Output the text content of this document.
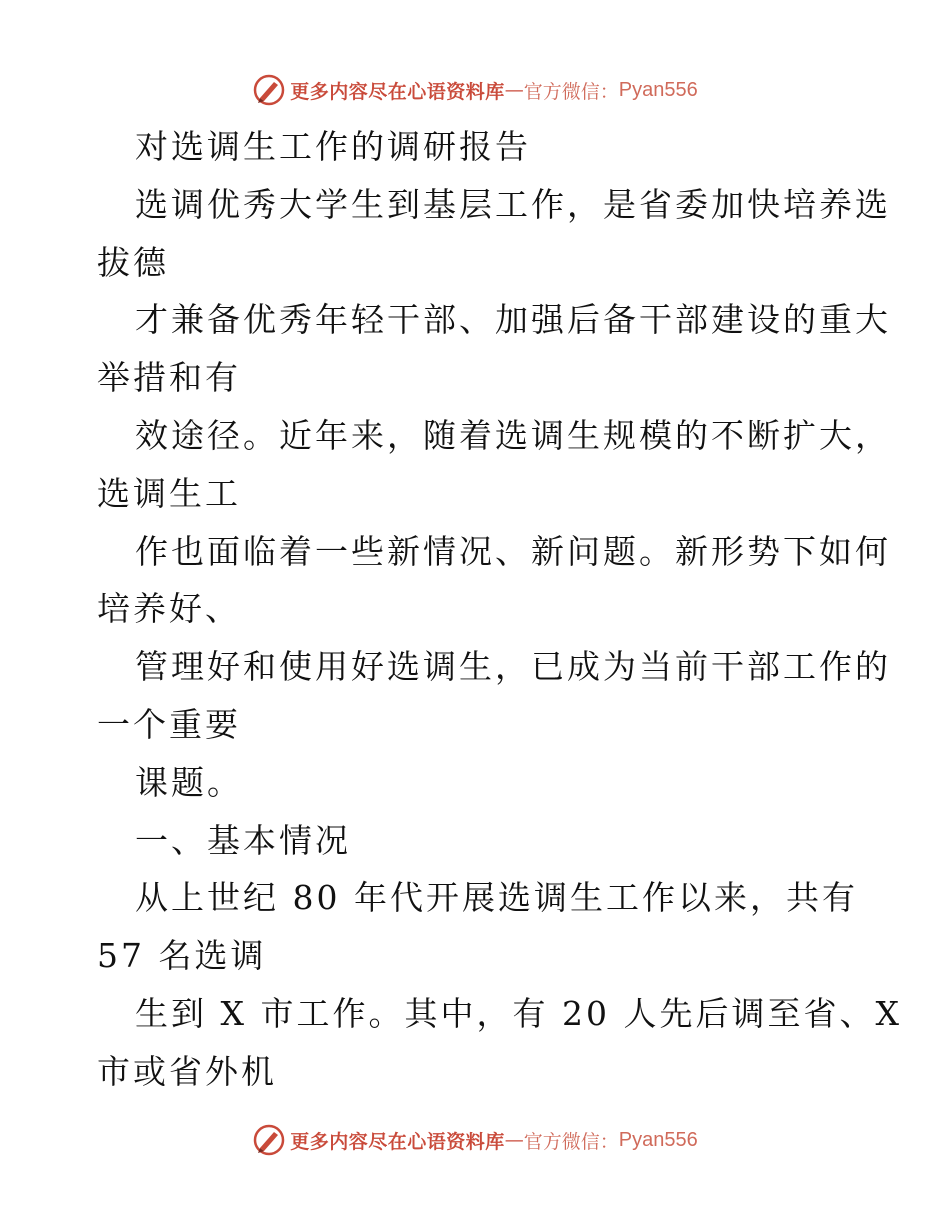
更多内容尽在心语资料库 — 官方微信： Pyan556
对选调生工作的调研报告
选调优秀大学生到基层工作，是省委加快培养选
拔德
才兼备优秀年轻干部、加强后备干部建设的重大
举措和有
效途径。近年来，随着选调生规模的不断扩大，
选调生工
作也面临着一些新情况、新问题。新形势下如何
培养好、
管理好和使用好选调生，已成为当前干部工作的
一个重要
课题。
一、基本情况
从上世纪 80 年代开展选调生工作以来，共有
57 名选调
生到 X 市工作。其中，有 20 人先后调至省、X
市或省外机
更多内容尽在心语资料库 — 官方微信： Pyan556
